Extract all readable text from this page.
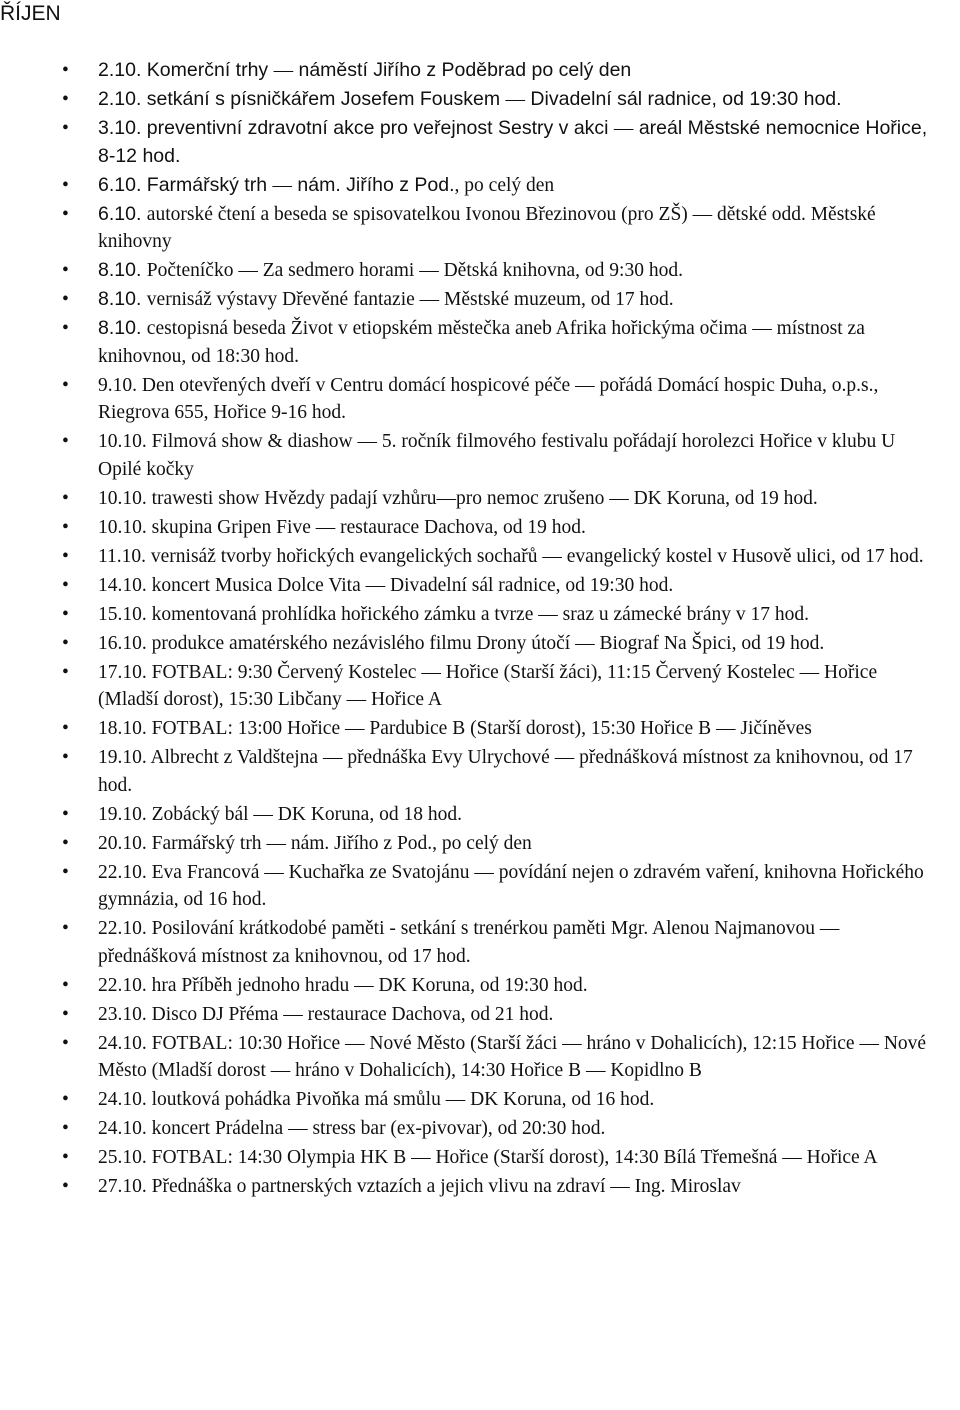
ŘÍJEN
• 2.10. Komerční trhy — náměstí Jiřího z Poděbrad po celý den
• 2.10. setkání s písničkářem Josefem Fouskem — Divadelní sál radnice, od 19:30 hod.
• 3.10. preventivní zdravotní akce pro veřejnost Sestry v akci — areál Městské nemocnice Hořice, 8-12 hod.
• 6.10. Farmářský trh — nám. Jiřího z Pod., po celý den
• 6.10. autorské čtení a beseda se spisovatelkou Ivonou Březinovou (pro ZŠ) — dětské odd. Městské knihovny
• 8.10. Počteníčko — Za sedmero horami — Dětská knihovna, od 9:30 hod.
• 8.10. vernisáž výstavy Dřevěné fantazie — Městské muzeum, od 17 hod.
• 8.10. cestopisná beseda Život v etiopském městečka aneb Afrika hořickýma očima — místnost za knihovnou, od 18:30 hod.
• 9.10. Den otevřených dveří v Centru domácí hospicové péče — pořádá Domácí hospic Duha, o.p.s., Riegrova 655, Hořice 9-16 hod.
• 10.10. Filmová show & diashow — 5. ročník filmového festivalu pořádají horolezci Hořice v klubu U Opilé kočky
• 10.10. trawesti show Hvězdy padají vzhůru—pro nemoc zrušeno — DK Koruna, od 19 hod.
• 10.10. skupina Gripen Five — restaurace Dachova, od 19 hod.
• 11.10. vernisáž tvorby hořických evangelických sochařů — evangelický kostel v Husově ulici, od 17 hod.
• 14.10. koncert Musica Dolce Vita — Divadelní sál radnice, od 19:30 hod.
• 15.10. komentovaná prohlídka hořického zámku a tvrze — sraz u zámecké brány v 17 hod.
• 16.10. produkce amatérského nezávislého filmu Drony útočí — Biograf Na Špici, od 19 hod.
• 17.10. FOTBAL: 9:30 Červený Kostelec — Hořice (Starší žáci), 11:15 Červený Kostelec — Hořice (Mladší dorost), 15:30 Libčany — Hořice A
• 18.10. FOTBAL: 13:00 Hořice — Pardubice B (Starší dorost), 15:30 Hořice B — Jičíněves
• 19.10. Albrecht z Valdštejna — přednáška Evy Ulrychové — přednášková místnost za knihovnou, od 17 hod.
• 19.10. Zobácký bál — DK Koruna, od 18 hod.
• 20.10. Farmářský trh — nám. Jiřího z Pod., po celý den
• 22.10. Eva Francová — Kuchařka ze Svatojánu — povídání nejen o zdravém vaření, knihovna Hořického gymnázia, od 16 hod.
• 22.10. Posilování krátkodobé paměti - setkání s trenérkou paměti Mgr. Alenou Najmanovou — přednášková místnost za knihovnou, od 17 hod.
• 22.10. hra Příběh jednoho hradu — DK Koruna, od 19:30 hod.
• 23.10. Disco DJ Přéma — restaurace Dachova, od 21 hod.
• 24.10. FOTBAL: 10:30 Hořice — Nové Město (Starší žáci — hráno v Dohalicích), 12:15 Hořice — Nové Město (Mladší dorost — hráno v Dohalicích), 14:30 Hořice B — Kopidlno B
• 24.10. loutková pohádka Pivoňka má smůlu — DK Koruna, od 16 hod.
• 24.10. koncert Prádelna — stress bar (ex-pivovar), od 20:30 hod.
• 25.10. FOTBAL: 14:30 Olympia HK B — Hořice (Starší dorost), 14:30 Bílá Třemešná — Hořice A
• 27.10. Přednáška o partnerských vztazích a jejich vlivu na zdraví — Ing. Miroslav
